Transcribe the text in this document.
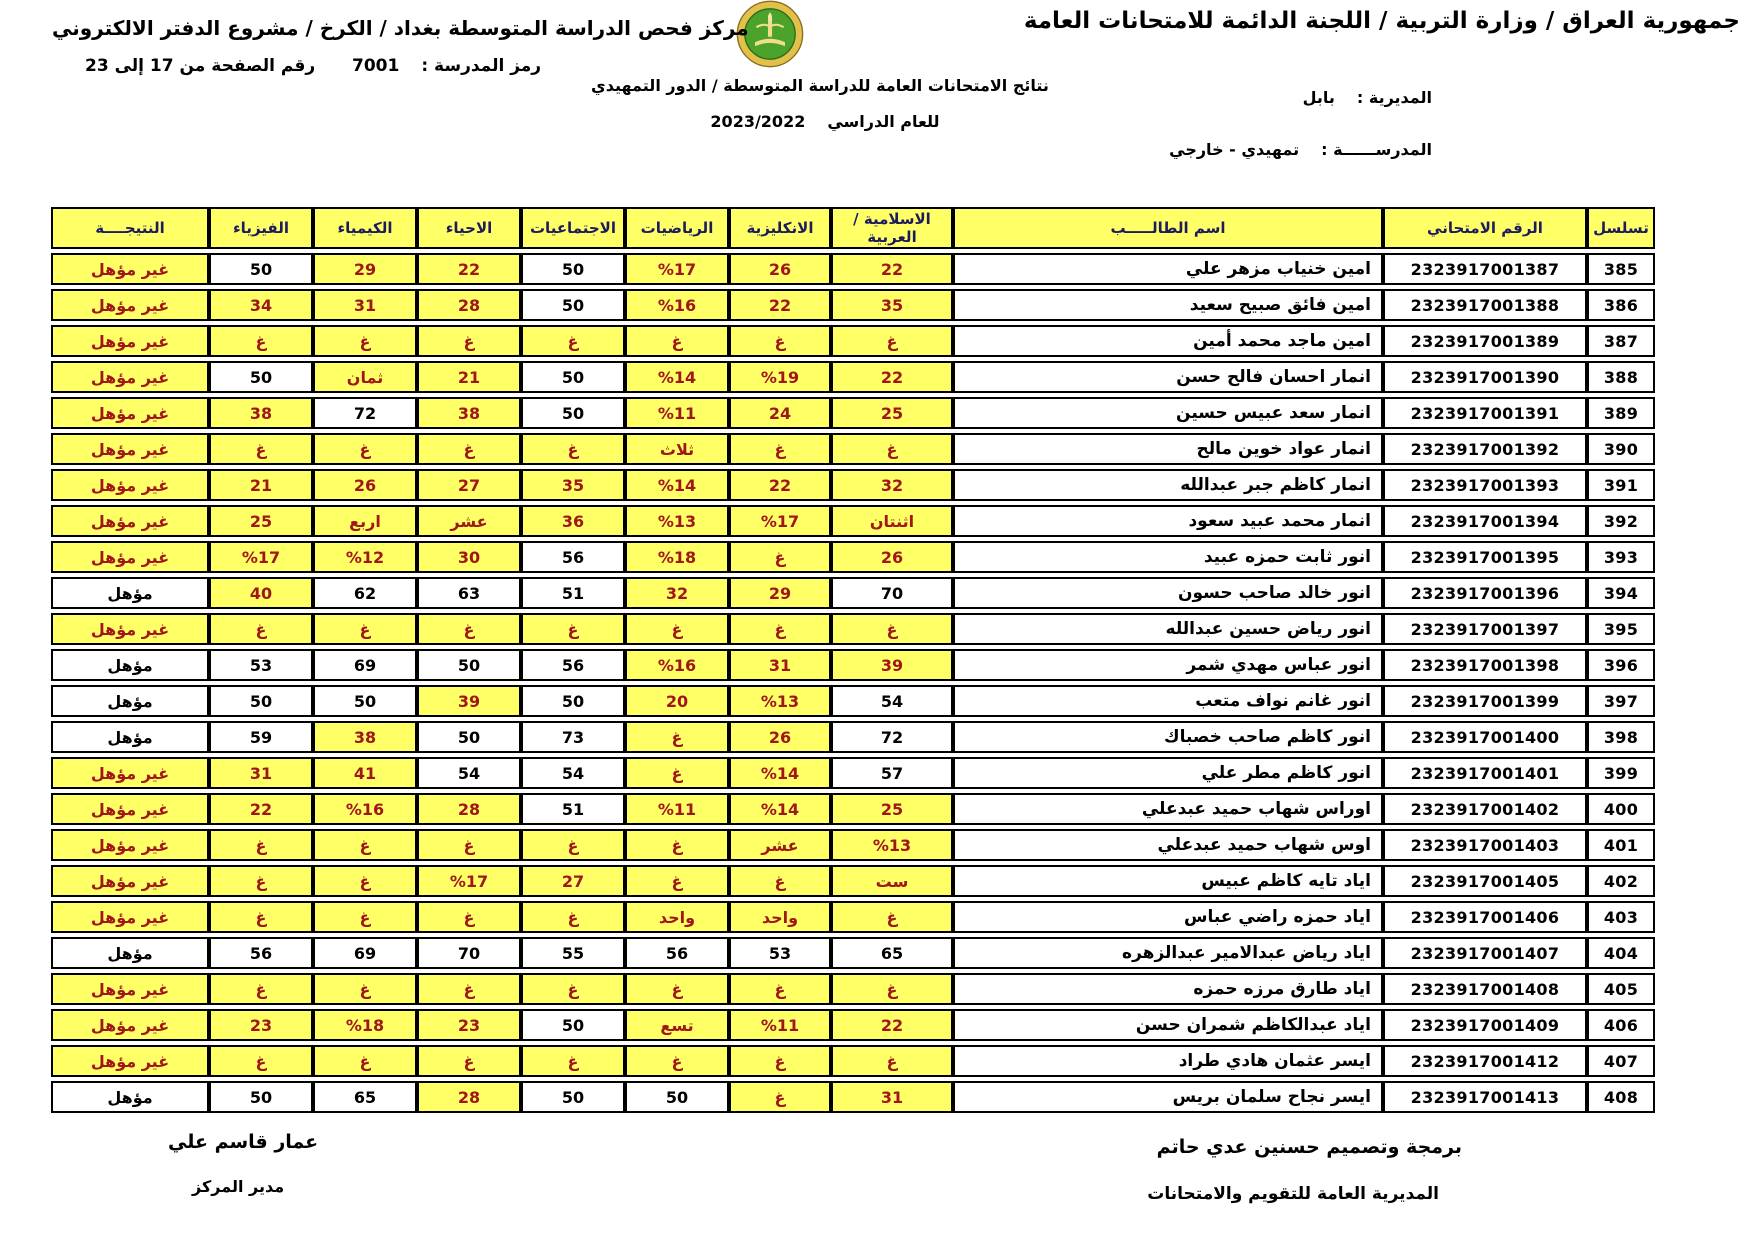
جمهورية العراق / وزارة التربية / اللجنة الدائمة للامتحانات العامة
مركز فحص الدراسة المتوسطة بغداد / الكرخ / مشروع الدفتر الالكتروني
رمز المدرسة :
7001
رقم الصفحة من 17 إلى 23
نتائج الامتحانات العامة للدراسة المتوسطة / الدور التمهيدي
المديرية :
بابل
للعام الدراسي
2023/2022
المدرســــــة :
تمهيدي - خارجي
تسلسل	الرقم الامتحاني	اسم الطالـــــب	الاسلامية / العربية	الانكليزية	الرياضيات	الاجتماعيات	الاحياء	الكيمياء	الفيزياء	النتيجــــة
385	2323917001387	امين خنياب مزهر علي	22	26	%17	50	22	29	50	غير مؤهل
386	2323917001388	امين فائق صبيح سعيد	35	22	%16	50	28	31	34	غير مؤهل
387	2323917001389	امين ماجد محمد أمين	غ	غ	غ	غ	غ	غ	غ	غير مؤهل
388	2323917001390	انمار احسان فالح حسن	22	%19	%14	50	21	ثمان	50	غير مؤهل
389	2323917001391	انمار سعد عبيس حسين	25	24	%11	50	38	72	38	غير مؤهل
390	2323917001392	انمار عواد خوين مالح	غ	غ	ثلاث	غ	غ	غ	غ	غير مؤهل
391	2323917001393	انمار كاظم جبر عبدالله	32	22	%14	35	27	26	21	غير مؤهل
392	2323917001394	انمار محمد عبيد سعود	اثنتان	%17	%13	36	عشر	اربع	25	غير مؤهل
393	2323917001395	انور ثابت حمزه عبيد	26	غ	%18	56	30	%12	%17	غير مؤهل
394	2323917001396	انور خالد صاحب حسون	70	29	32	51	63	62	40	مؤهل
395	2323917001397	انور رياض حسين عبدالله	غ	غ	غ	غ	غ	غ	غ	غير مؤهل
396	2323917001398	انور عباس مهدي شمر	39	31	%16	56	50	69	53	مؤهل
397	2323917001399	انور غانم نواف متعب	54	%13	20	50	39	50	50	مؤهل
398	2323917001400	انور كاظم صاحب خصباك	72	26	غ	73	50	38	59	مؤهل
399	2323917001401	انور كاظم مطر علي	57	%14	غ	54	54	41	31	غير مؤهل
400	2323917001402	اوراس شهاب حميد عبدعلي	25	%14	%11	51	28	%16	22	غير مؤهل
401	2323917001403	اوس شهاب حميد عبدعلي	%13	عشر	غ	غ	غ	غ	غ	غير مؤهل
402	2323917001405	اياد تايه كاظم عبيس	ست	غ	غ	27	%17	غ	غ	غير مؤهل
403	2323917001406	اياد حمزه راضي عباس	غ	واحد	واحد	غ	غ	غ	غ	غير مؤهل
404	2323917001407	اياد رياض عبدالامير عبدالزهره	65	53	56	55	70	69	56	مؤهل
405	2323917001408	اياد طارق مرزه حمزه	غ	غ	غ	غ	غ	غ	غ	غير مؤهل
406	2323917001409	اياد عبدالكاظم شمران حسن	22	%11	تسع	50	23	%18	23	غير مؤهل
407	2323917001412	ايسر عثمان هادي طراد	غ	غ	غ	غ	غ	غ	غ	غير مؤهل
408	2323917001413	ايسر نجاح سلمان بريس	31	غ	50	50	28	65	50	مؤهل
برمجة وتصميم حسنين عدي حاتم
المديرية العامة للتقويم والامتحانات
عمار قاسم علي
مدير المركز
